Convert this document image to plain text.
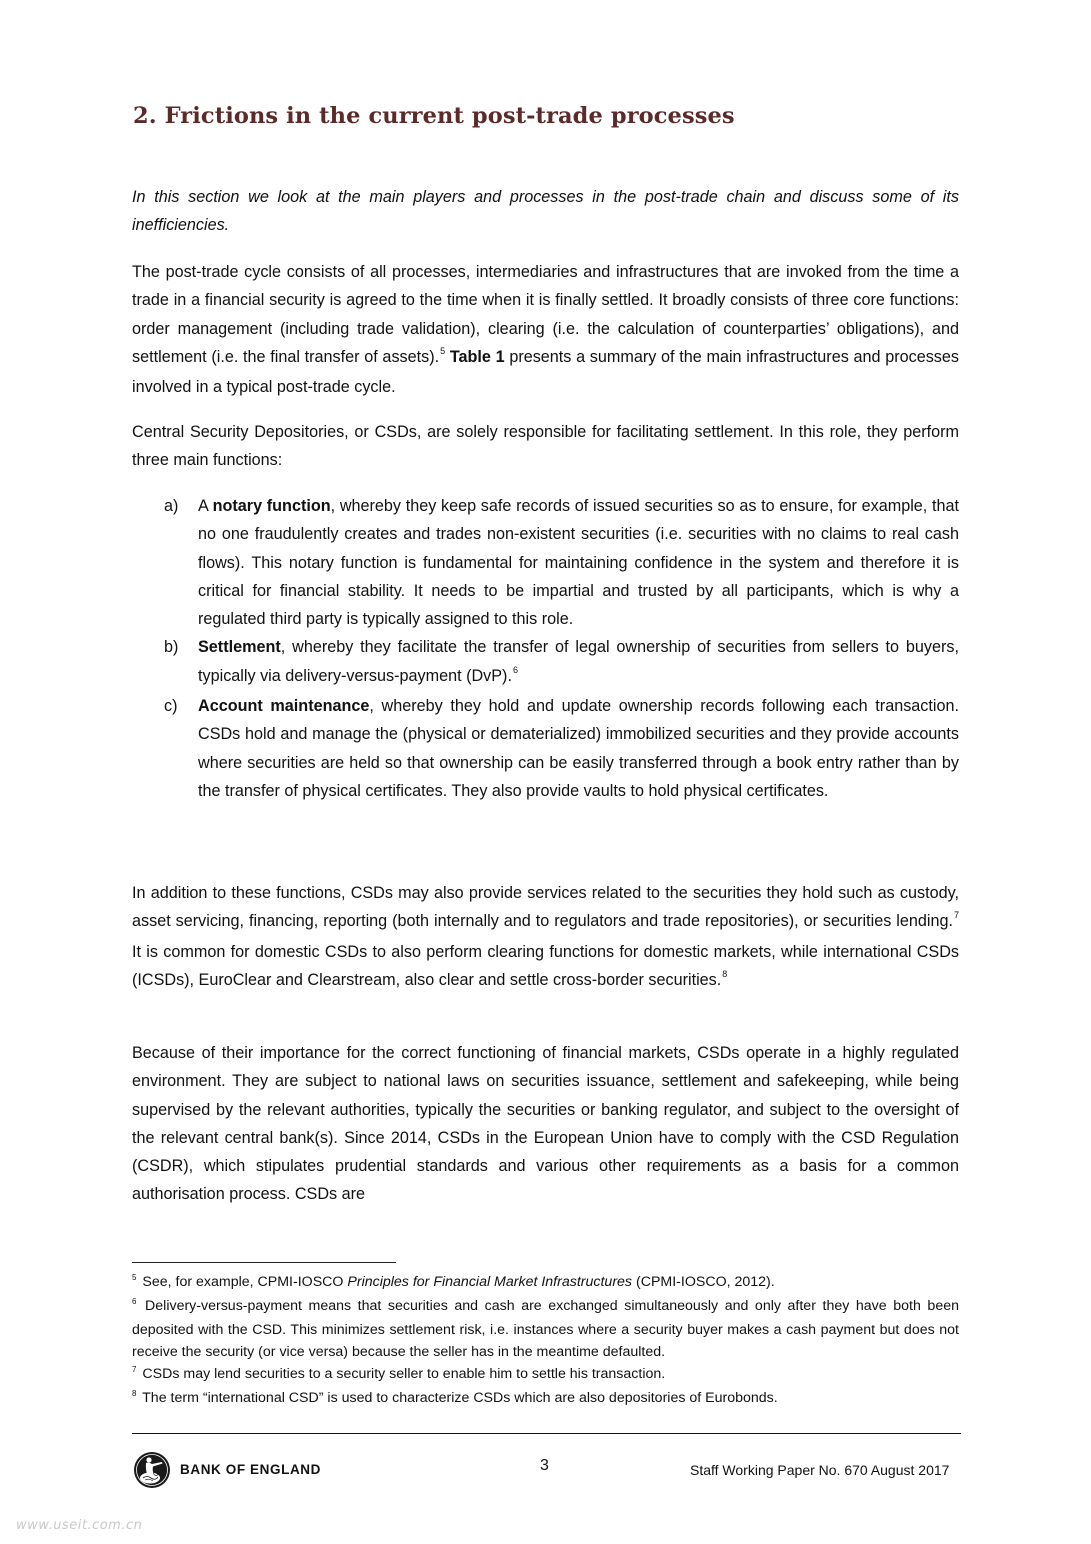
2. Frictions in the current post-trade processes

In this section we look at the main players and processes in the post-trade chain and discuss some of its inefficiencies.

The post-trade cycle consists of all processes, intermediaries and infrastructures that are invoked from the time a trade in a financial security is agreed to the time when it is finally settled. It broadly consists of three core functions: order management (including trade validation), clearing (i.e. the calculation of counterparties’ obligations), and settlement (i.e. the final transfer of assets).$^5$ Table 1 presents a summary of the main infrastructures and processes involved in a typical post-trade cycle.

Central Security Depositories, or CSDs, are solely responsible for facilitating settlement. In this role, they perform three main functions:

a) A notary function, whereby they keep safe records of issued securities so as to ensure, for example, that no one fraudulently creates and trades non-existent securities (i.e. securities with no claims to real cash flows). This notary function is fundamental for maintaining confidence in the system and therefore it is critical for financial stability. It needs to be impartial and trusted by all participants, which is why a regulated third party is typically assigned to this role.
b) Settlement, whereby they facilitate the transfer of legal ownership of securities from sellers to buyers, typically via delivery-versus-payment (DvP).$^6$
c) Account maintenance, whereby they hold and update ownership records following each transaction. CSDs hold and manage the (physical or dematerialized) immobilized securities and they provide accounts where securities are held so that ownership can be easily transferred through a book entry rather than by the transfer of physical certificates. They also provide vaults to hold physical certificates.

In addition to these functions, CSDs may also provide services related to the securities they hold such as custody, asset servicing, financing, reporting (both internally and to regulators and trade repositories), or securities lending.$^7$ It is common for domestic CSDs to also perform clearing functions for domestic markets, while international CSDs (ICSDs), EuroClear and Clearstream, also clear and settle cross-border securities.$^8$

Because of their importance for the correct functioning of financial markets, CSDs operate in a highly regulated environment. They are subject to national laws on securities issuance, settlement and safekeeping, while being supervised by the relevant authorities, typically the securities or banking regulator, and subject to the oversight of the relevant central bank(s). Since 2014, CSDs in the European Union have to comply with the CSD Regulation (CSDR), which stipulates prudential standards and various other requirements as a basis for a common authorisation process. CSDs are

$^5$ See, for example, CPMI-IOSCO Principles for Financial Market Infrastructures (CPMI-IOSCO, 2012).

$^6$ Delivery-versus-payment means that securities and cash are exchanged simultaneously and only after they have both been deposited with the CSD. This minimizes settlement risk, i.e. instances where a security buyer makes a cash payment but does not receive the security (or vice versa) because the seller has in the meantime defaulted.

$^7$ CSDs may lend securities to a security seller to enable him to settle his transaction.

$^8$ The term “international CSD” is used to characterize CSDs which are also depositories of Eurobonds.

BANK OF ENGLAND	3	Staff Working Paper No. 670 August 2017
www.useit.com.cn
